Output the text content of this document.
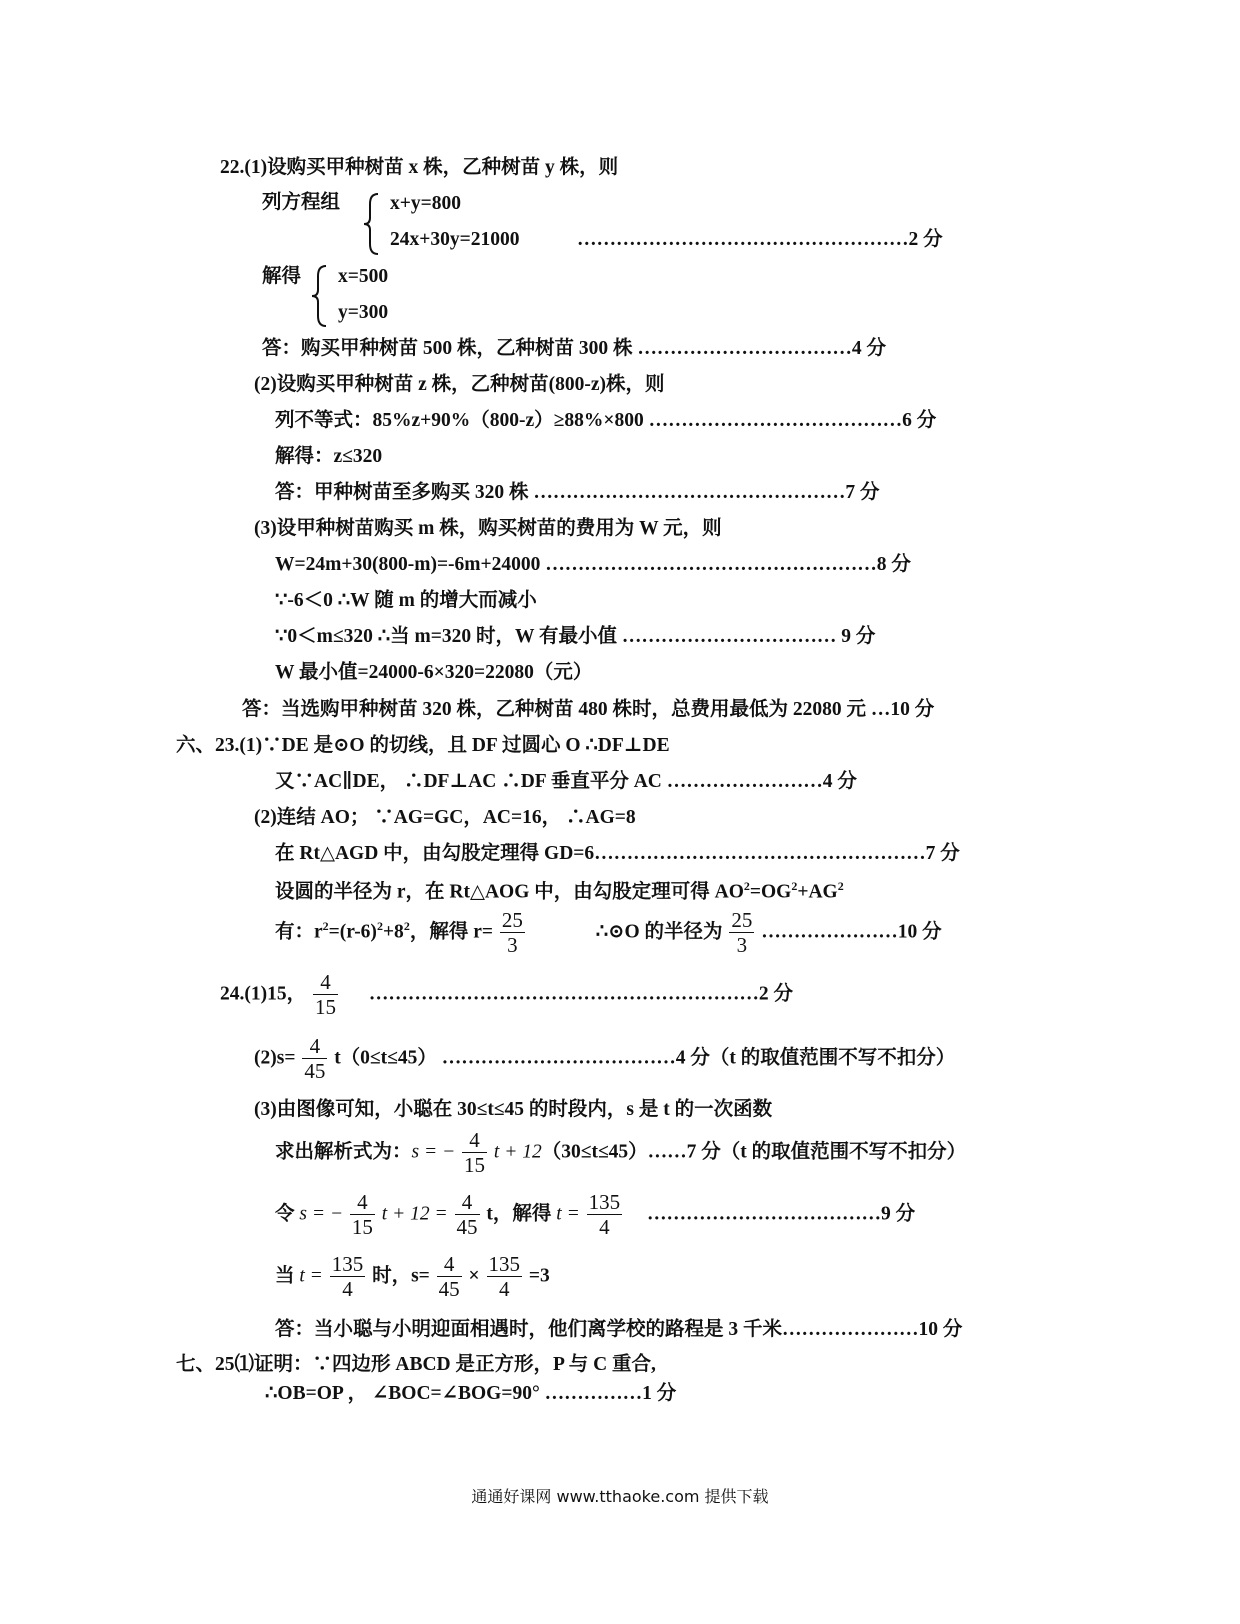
22.(1)设购买甲种树苗 x 株，乙种树苗 y 株，则
列方程组	x+y=800
24x+30y=21000	……………………………………………2 分
解得 x=500
y=300
答：购买甲种树苗 500 株，乙种树苗 300 株 ……………………………4 分
(2)设购买甲种树苗 z 株，乙种树苗(800-z)株，则
列不等式：85%z+90%（800-z）≥88%×800 …………………………………6 分
解得：z≤320
答：甲种树苗至多购买 320 株 …………………………………………7 分
(3)设甲种树苗购买 m 株，购买树苗的费用为 W 元，则
W=24m+30(800-m)=-6m+24000 ……………………………………………8 分
∵-6＜0 ∴W 随 m 的增大而减小
∵0＜m≤320 ∴当 m=320 时，W 有最小值 …………………………… 9 分
W 最小值=24000-6×320=22080（元）
答：当选购甲种树苗 320 株，乙种树苗 480 株时，总费用最低为 22080 元 …10 分
六、23.(1)∵DE 是⊙O 的切线，且 DF 过圆心 O ∴DF⊥DE
又∵AC∥DE， ∴DF⊥AC ∴DF 垂直平分 AC ……………………4 分
(2)连结 AO； ∵AG=GC，AC=16， ∴AG=8
在 Rt△AGD 中，由勾股定理得 GD=6……………………………………………7 分
设圆的半径为 r，在 Rt△AOG 中，由勾股定理可得 $AO^2=OG^2+AG^2$
有：$r^2=(r-6)^2+8^2$，解得 $r= \frac{25}{3}$	∴⊙O 的半径为 $\frac{25}{3}$ …………………10 分
24.(1)15， $\frac{4}{15}$ ……………………………………………………2 分
$(2)s= \frac{4}{45} t(0\le t\le 45)$ ………………………………4 分（t 的取值范围不写不扣分）
(3)由图像可知，小聪在 30≤t≤45 的时段内，s 是 t 的一次函数
求出解析式为：s = − $\frac{4}{15}$ t + 12（30≤t≤45）……7 分（t 的取值范围不写不扣分）
令 s = − $\frac{4}{15}$ $t + 12 = \frac{4}{45}$ t，解得 $t = \frac{135}{4}$ ………………………………9 分
当 $t = \frac{135}{4}$ 时，$s= \frac{4}{45} \times \frac{135}{4} =3$
答：当小聪与小明迎面相遇时，他们离学校的路程是 3 千米…………………10 分
七、25⑴证明：∵四边形 ABCD 是正方形，P 与 C 重合,
∴OB=OP ， ∠BOC=∠BOG=90° ……………1 分
通通好课网 www.tthaoke.com 提供下载
